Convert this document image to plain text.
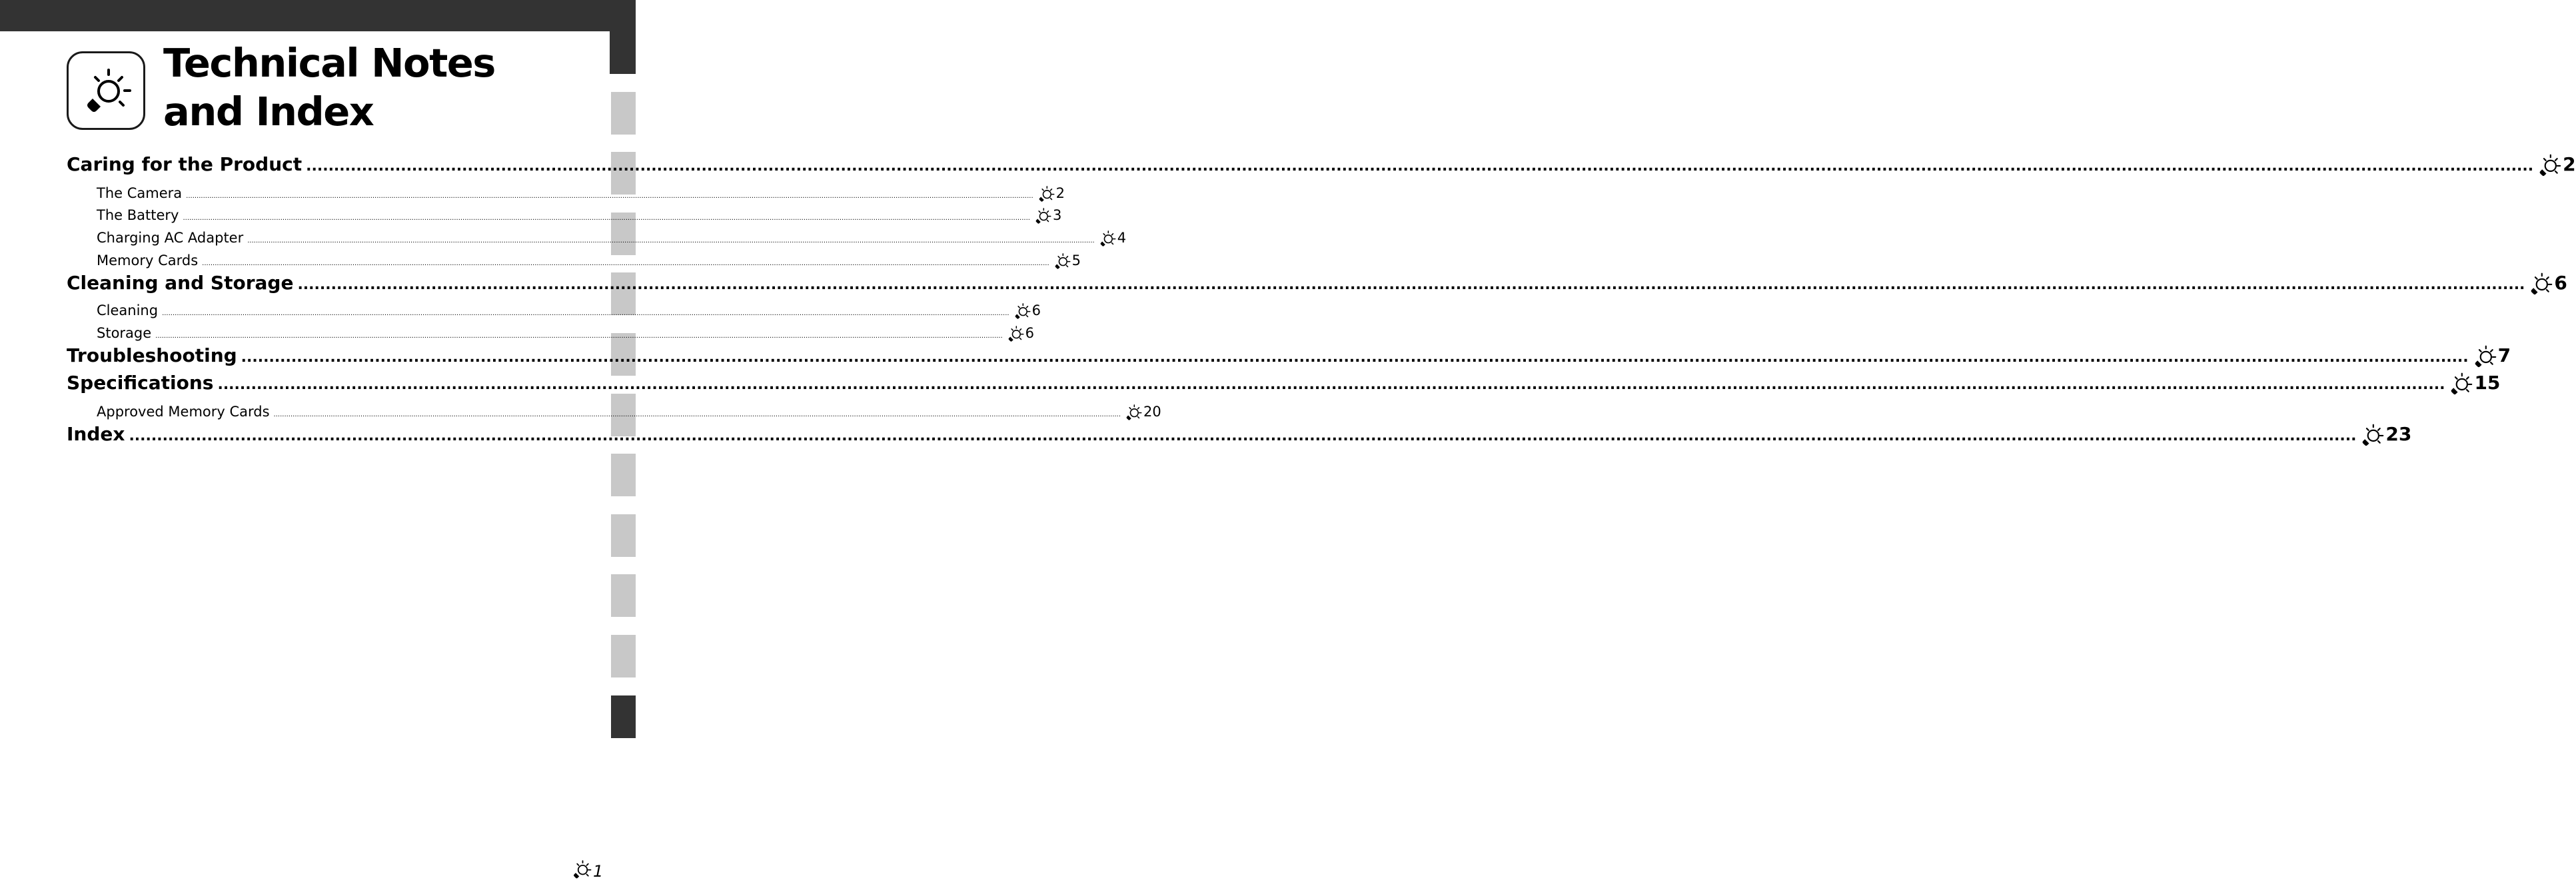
Technical Notes
and Index
Caring for the Product ................................................................................................................................................................................................................................................................................................................................................................................................................ 2
The Camera ................................................................................................................................................................................................................................................................................................................................................................................................................ 2
The Battery ................................................................................................................................................................................................................................................................................................................................................................................................................ 3
Charging AC Adapter ................................................................................................................................................................................................................................................................................................................................................................................................................ 4
Memory Cards ................................................................................................................................................................................................................................................................................................................................................................................................................ 5
Cleaning and Storage ................................................................................................................................................................................................................................................................................................................................................................................................................ 6
Cleaning ................................................................................................................................................................................................................................................................................................................................................................................................................ 6
Storage ................................................................................................................................................................................................................................................................................................................................................................................................................ 6
Troubleshooting ................................................................................................................................................................................................................................................................................................................................................................................................................ 7
Specifications ................................................................................................................................................................................................................................................................................................................................................................................................................ 15
Approved Memory Cards ................................................................................................................................................................................................................................................................................................................................................................................................................ 20
Index ................................................................................................................................................................................................................................................................................................................................................................................................................ 23
1
